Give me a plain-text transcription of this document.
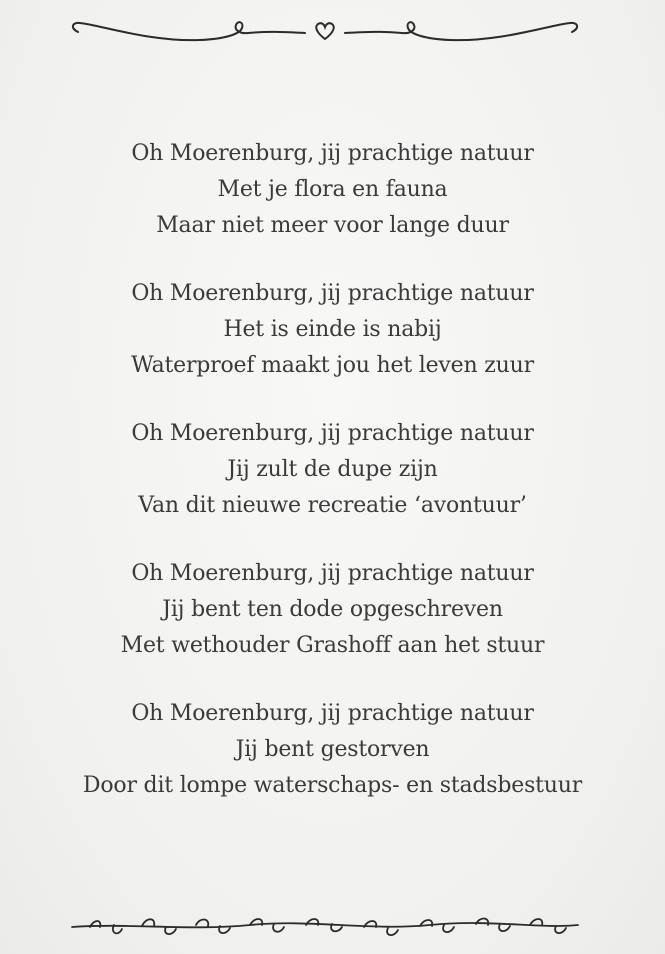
Oh Moerenburg, jij prachtige natuur
Met je flora en fauna
Maar niet meer voor lange duur
Oh Moerenburg, jij prachtige natuur
Het is einde is nabij
Waterproef maakt jou het leven zuur
Oh Moerenburg, jij prachtige natuur
Jij zult de dupe zijn
Van dit nieuwe recreatie ‘avontuur’
Oh Moerenburg, jij prachtige natuur
Jij bent ten dode opgeschreven
Met wethouder Grashoff aan het stuur
Oh Moerenburg, jij prachtige natuur
Jij bent gestorven
Door dit lompe waterschaps- en stadsbestuur
